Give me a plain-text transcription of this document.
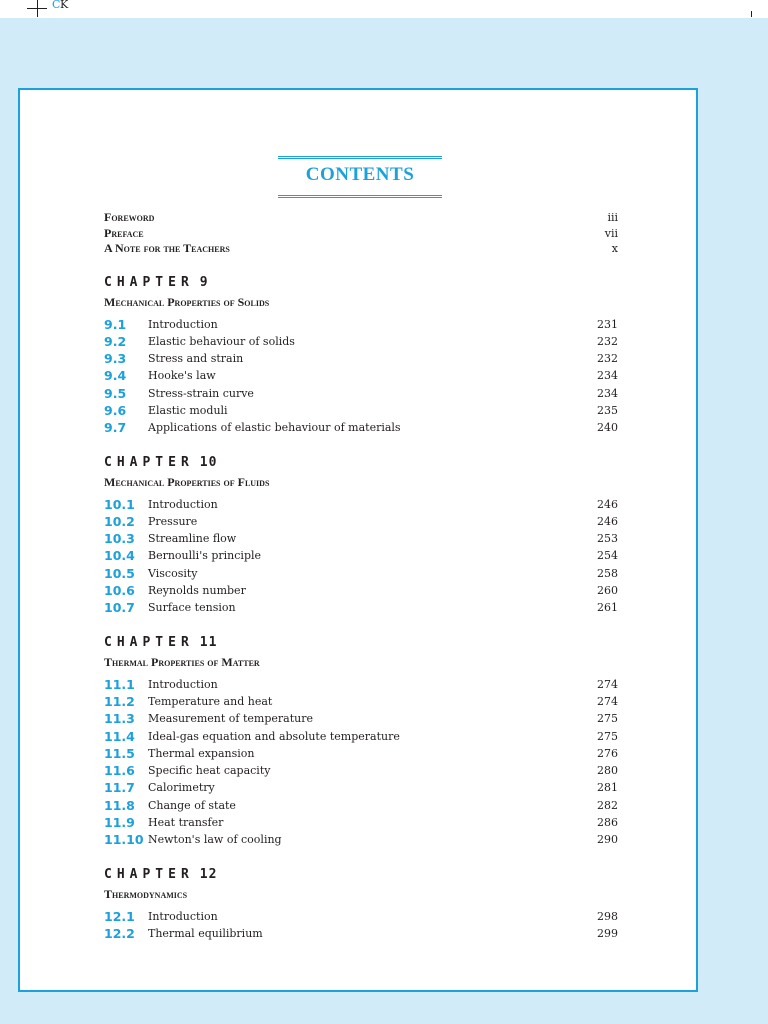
C K
CONTENTS
Foreword	iii
Preface	vii
A Note for the Teachers	x
CHAPTER 9
Mechanical Properties of Solids
9.1 Introduction	231
9.2 Elastic behaviour of solids	232
9.3 Stress and strain	232
9.4 Hooke's law	234
9.5 Stress-strain curve	234
9.6 Elastic moduli	235
9.7 Applications of elastic behaviour of materials	240
CHAPTER 10
Mechanical Properties of Fluids
10.1 Introduction	246
10.2 Pressure	246
10.3 Streamline flow	253
10.4 Bernoulli's principle	254
10.5 Viscosity	258
10.6 Reynolds number	260
10.7 Surface tension	261
CHAPTER 11
Thermal Properties of Matter
11.1 Introduction	274
11.2 Temperature and heat	274
11.3 Measurement of temperature	275
11.4 Ideal-gas equation and absolute temperature	275
11.5 Thermal expansion	276
11.6 Specific heat capacity	280
11.7 Calorimetry	281
11.8 Change of state	282
11.9 Heat transfer	286
11.10 Newton's law of cooling	290
CHAPTER 12
Thermodynamics
12.1 Introduction	298
12.2 Thermal equilibrium	299
